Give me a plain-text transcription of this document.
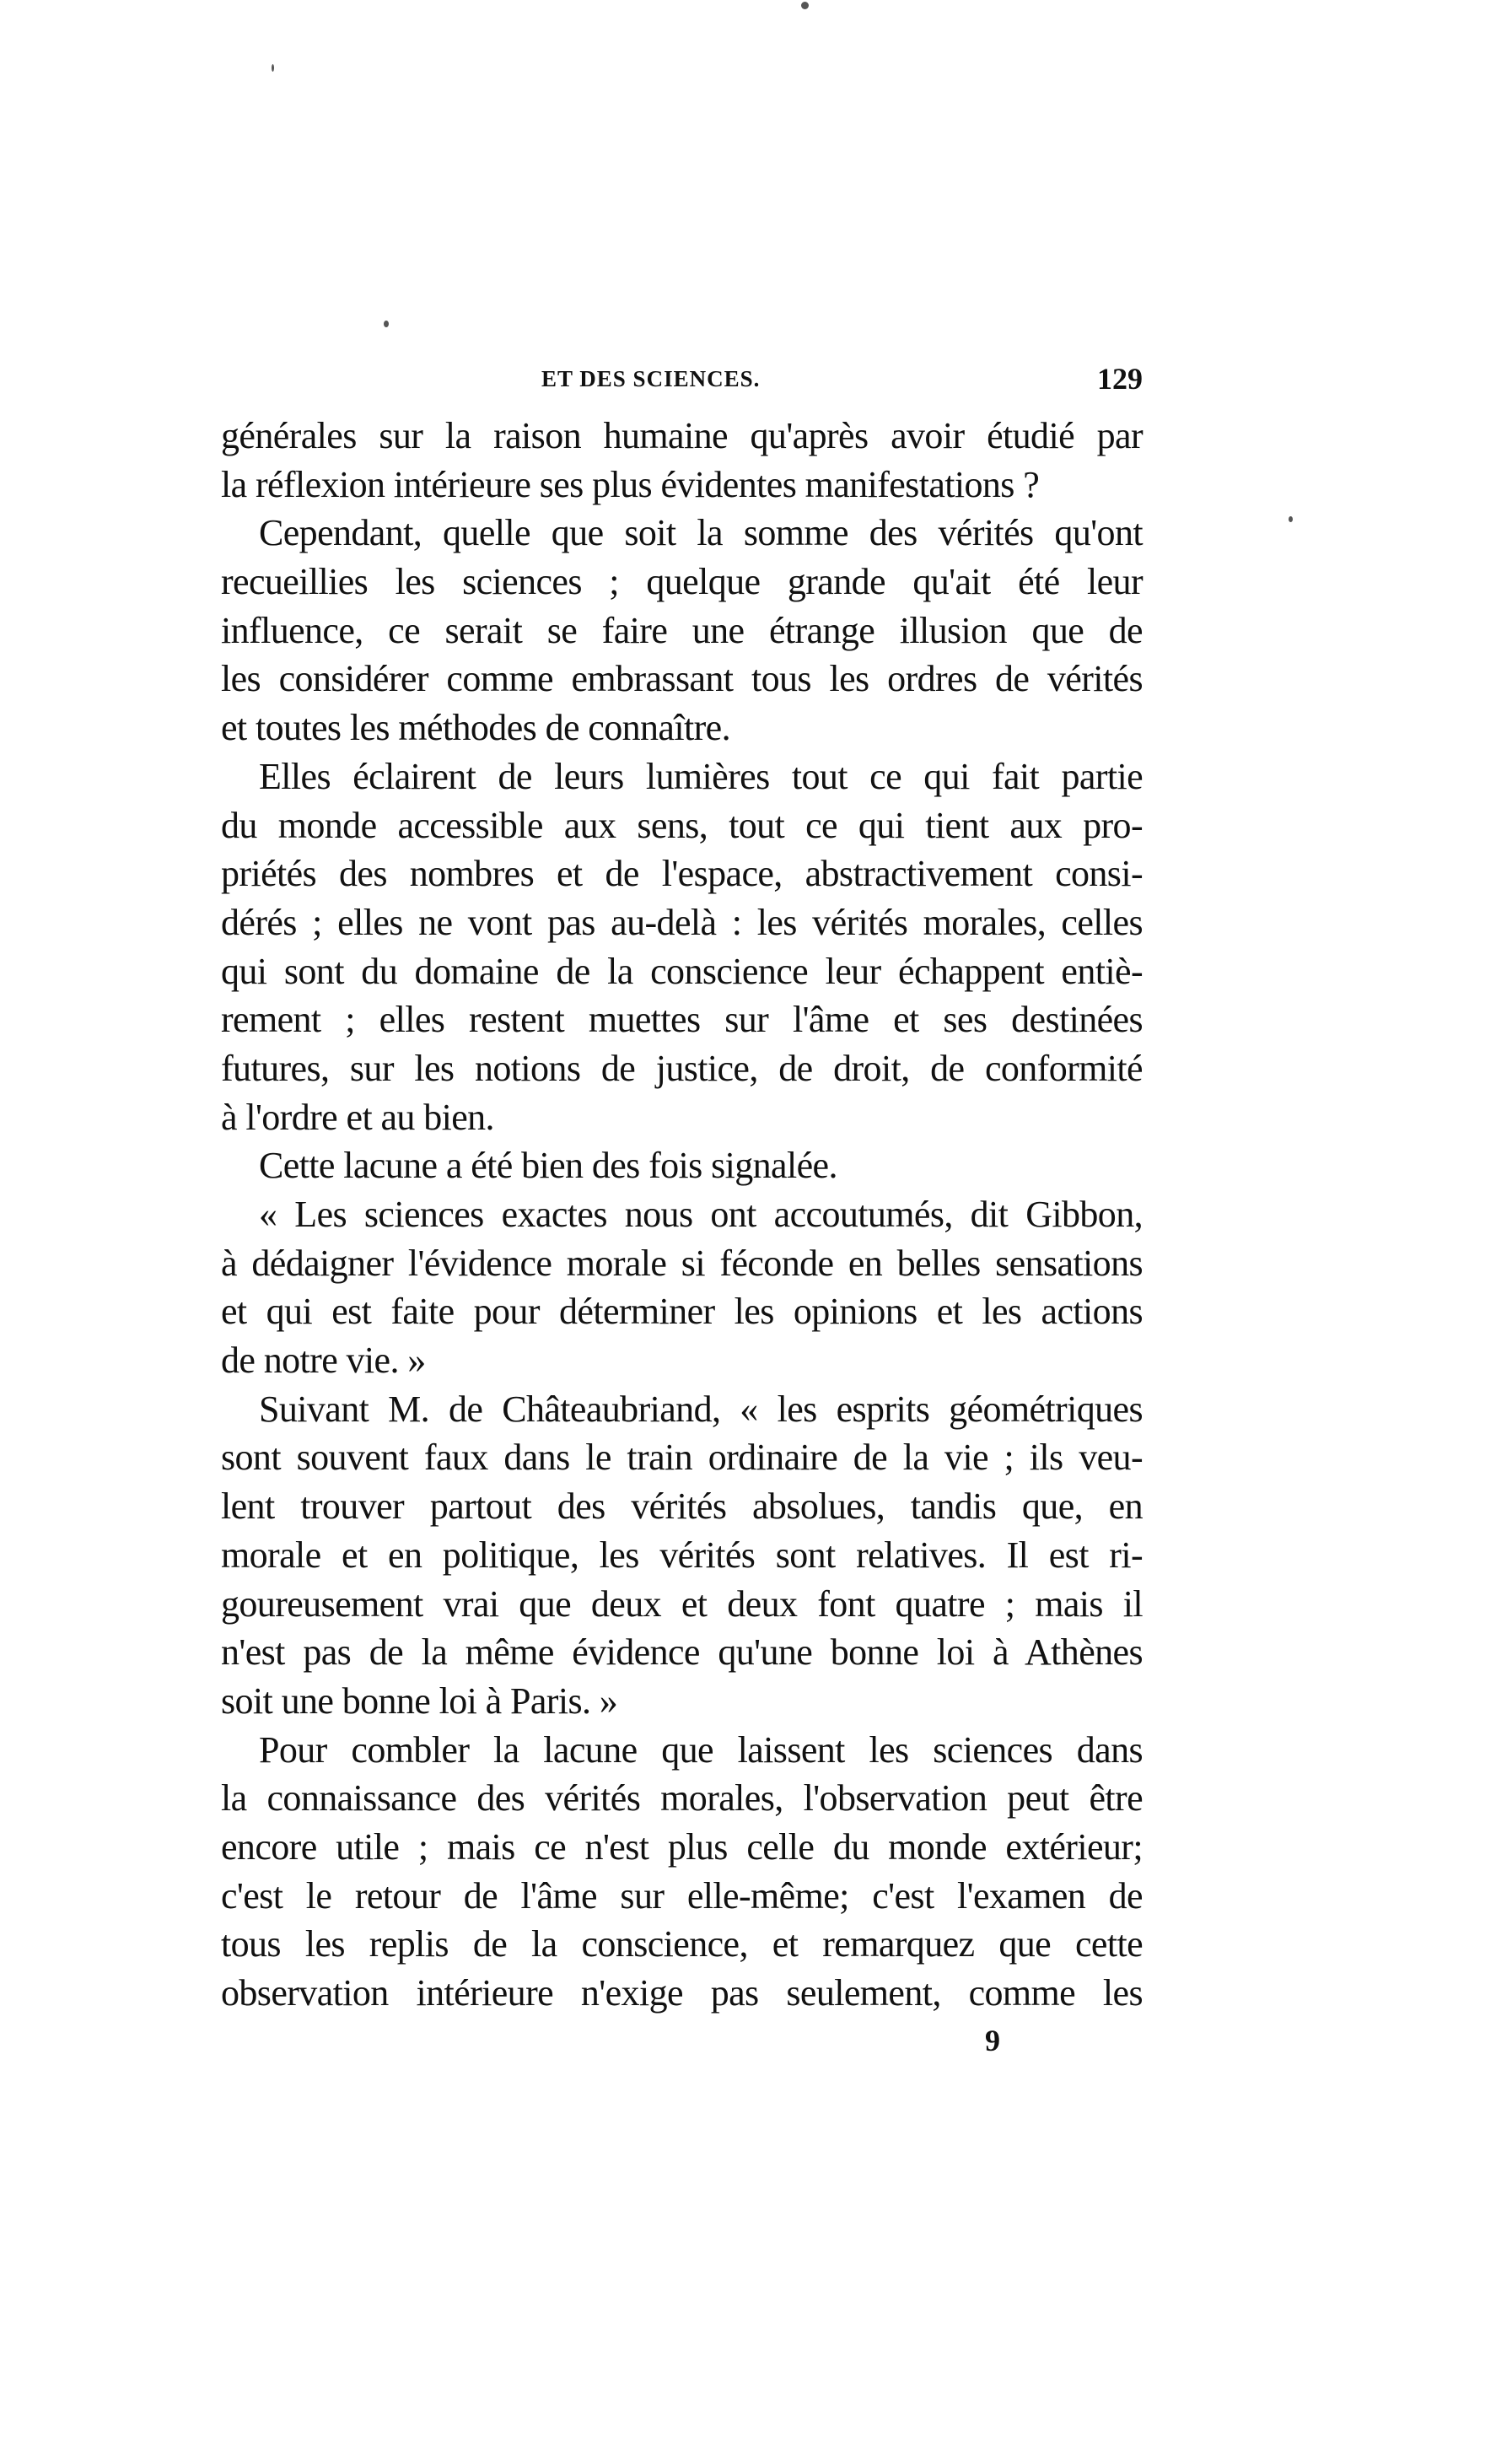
ET DES SCIENCES.	129
générales sur la raison humaine qu'après avoir étudié par
la réflexion intérieure ses plus évidentes manifestations ?
Cependant, quelle que soit la somme des vérités qu'ont
recueillies les sciences ; quelque grande qu'ait été leur
influence, ce serait se faire une étrange illusion que de
les considérer comme embrassant tous les ordres de vérités
et toutes les méthodes de connaître.
Elles éclairent de leurs lumières tout ce qui fait partie
du monde accessible aux sens, tout ce qui tient aux pro-
priétés des nombres et de l'espace, abstractivement consi-
dérés ; elles ne vont pas au-delà : les vérités morales, celles
qui sont du domaine de la conscience leur échappent entiè-
rement ; elles restent muettes sur l'âme et ses destinées
futures, sur les notions de justice, de droit, de conformité
à l'ordre et au bien.
Cette lacune a été bien des fois signalée.
« Les sciences exactes nous ont accoutumés, dit Gibbon,
à dédaigner l'évidence morale si féconde en belles sensations
et qui est faite pour déterminer les opinions et les actions
de notre vie. »
Suivant M. de Châteaubriand, « les esprits géométriques
sont souvent faux dans le train ordinaire de la vie ; ils veu-
lent trouver partout des vérités absolues, tandis que, en
morale et en politique, les vérités sont relatives. Il est ri-
goureusement vrai que deux et deux font quatre ; mais il
n'est pas de la même évidence qu'une bonne loi à Athènes
soit une bonne loi à Paris. »
Pour combler la lacune que laissent les sciences dans
la connaissance des vérités morales, l'observation peut être
encore utile ; mais ce n'est plus celle du monde extérieur;
c'est le retour de l'âme sur elle-même; c'est l'examen de
tous les replis de la conscience, et remarquez que cette
observation intérieure n'exige pas seulement, comme les
9
